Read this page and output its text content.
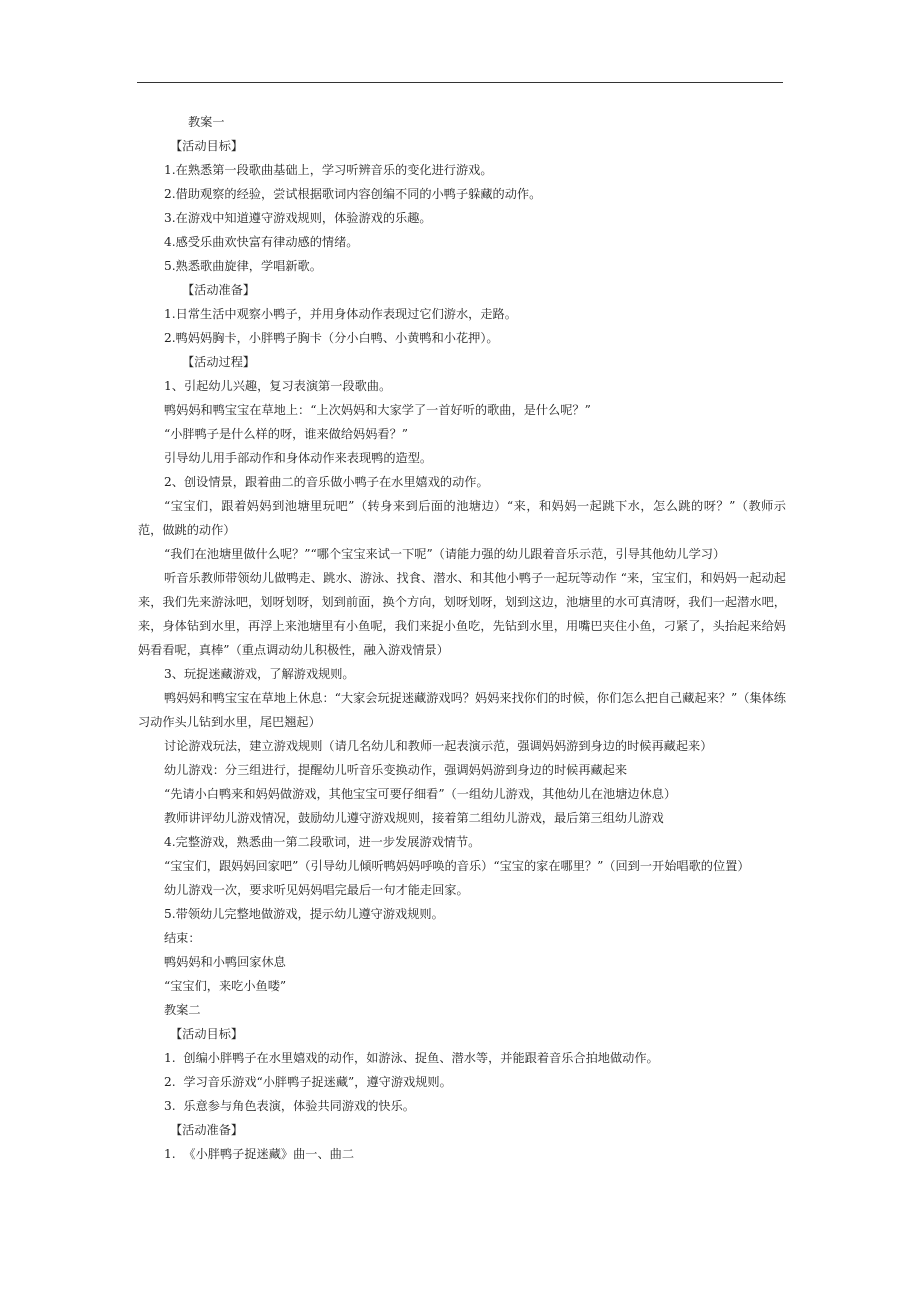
教案一

【活动目标】

1.在熟悉第一段歌曲基础上，学习听辨音乐的变化进行游戏。

2.借助观察的经验，尝试根据歌词内容创编不同的小鸭子躲藏的动作。

3.在游戏中知道遵守游戏规则，体验游戏的乐趣。

4.感受乐曲欢快富有律动感的情绪。

5.熟悉歌曲旋律，学唱新歌。

【活动准备】

1.日常生活中观察小鸭子，并用身体动作表现过它们游水，走路。

2.鸭妈妈胸卡，小胖鸭子胸卡（分小白鸭、小黄鸭和小花押）。

【活动过程】

1、引起幼儿兴趣，复习表演第一段歌曲。

鸭妈妈和鸭宝宝在草地上：“上次妈妈和大家学了一首好听的歌曲，是什么呢？”

“小胖鸭子是什么样的呀，谁来做给妈妈看？”

引导幼儿用手部动作和身体动作来表现鸭的造型。

2、创设情景，跟着曲二的音乐做小鸭子在水里嬉戏的动作。

“宝宝们，跟着妈妈到池塘里玩吧”（转身来到后面的池塘边）“来，和妈妈一起跳下水，怎么跳的呀？”（教师示范，做跳的动作）

“我们在池塘里做什么呢？”“哪个宝宝来试一下呢”（请能力强的幼儿跟着音乐示范，引导其他幼儿学习）

听音乐教师带领幼儿做鸭走、跳水、游泳、找食、潜水、和其他小鸭子一起玩等动作 “来，宝宝们，和妈妈一起动起来，我们先来游泳吧，划呀划呀，划到前面，换个方向，划呀划呀，划到这边，池塘里的水可真清呀，我们一起潜水吧，来，身体钻到水里，再浮上来池塘里有小鱼呢，我们来捉小鱼吃，先钻到水里，用嘴巴夹住小鱼，刁紧了，头抬起来给妈妈看看呢，真棒”（重点调动幼儿积极性，融入游戏情景）

3、玩捉迷藏游戏，了解游戏规则。

鸭妈妈和鸭宝宝在草地上休息：“大家会玩捉迷藏游戏吗？妈妈来找你们的时候，你们怎么把自己藏起来？”（集体练习动作头儿钻到水里，尾巴翘起）

讨论游戏玩法，建立游戏规则（请几名幼儿和教师一起表演示范，强调妈妈游到身边的时候再藏起来）

幼儿游戏：分三组进行，提醒幼儿听音乐变换动作，强调妈妈游到身边的时候再藏起来

“先请小白鸭来和妈妈做游戏，其他宝宝可要仔细看”（一组幼儿游戏，其他幼儿在池塘边休息）

教师讲评幼儿游戏情况，鼓励幼儿遵守游戏规则，接着第二组幼儿游戏，最后第三组幼儿游戏

4.完整游戏，熟悉曲一第二段歌词，进一步发展游戏情节。

“宝宝们，跟妈妈回家吧”（引导幼儿倾听鸭妈妈呼唤的音乐）“宝宝的家在哪里？”（回到一开始唱歌的位置）

幼儿游戏一次，要求听见妈妈唱完最后一句才能走回家。

5.带领幼儿完整地做游戏，提示幼儿遵守游戏规则。

结束：

鸭妈妈和小鸭回家休息

“宝宝们，来吃小鱼喽”

教案二

【活动目标】

1.  创编小胖鸭子在水里嬉戏的动作，如游泳、捉鱼、潜水等，并能跟着音乐合拍地做动作。

2.  学习音乐游戏“小胖鸭子捉迷藏”，遵守游戏规则。

3.  乐意参与角色表演，体验共同游戏的快乐。

【活动准备】

1.  《小胖鸭子捉迷藏》曲一、曲二
